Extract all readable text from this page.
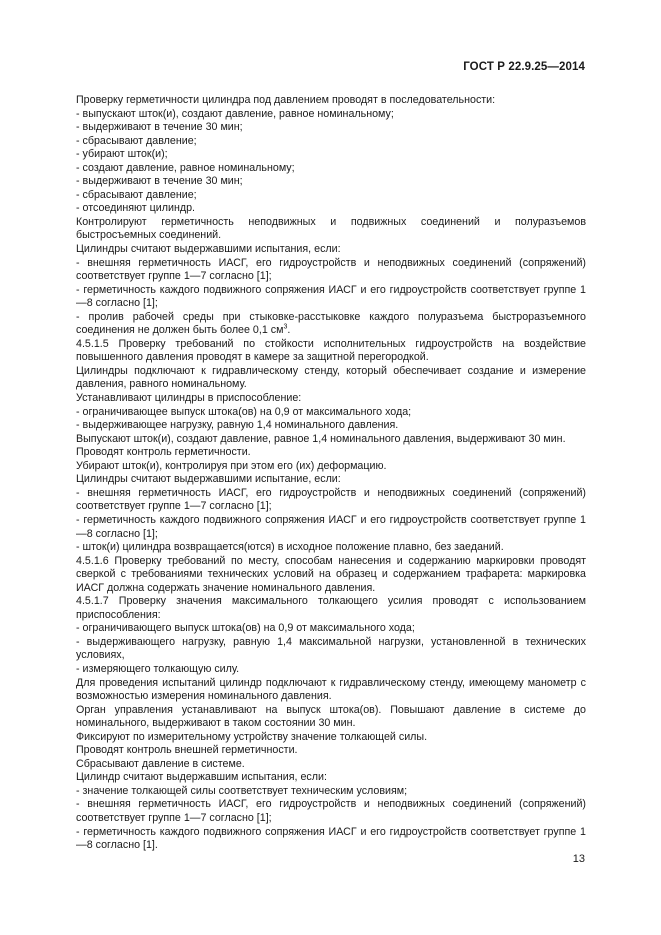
ГОСТ Р 22.9.25—2014

Проверку герметичности цилиндра под давлением проводят в последовательности:

- выпускают шток(и), создают давление, равное номинальному;

- выдерживают в течение 30 мин;

- сбрасывают давление;

- убирают шток(и);

- создают давление, равное номинальному;

- выдерживают в течение 30 мин;

- сбрасывают давление;

- отсоединяют цилиндр.

Контролируют герметичность неподвижных и подвижных соединений и полуразъемов быстросъемных соединений.

Цилиндры считают выдержавшими испытания, если:

- внешняя герметичность ИАСГ, его гидроустройств и неподвижных соединений (сопряжений) соответствует группе 1—7 согласно [1];

- герметичность каждого подвижного сопряжения ИАСГ и его гидроустройств соответствует группе 1—8 согласно [1];

- пролив рабочей среды при стыковке-расстыковке каждого полуразъема быстроразъемного соединения не должен быть более 0,1 $см^3$.

4.5.1.5 Проверку требований по стойкости исполнительных гидроустройств на воздействие повышенного давления проводят в камере за защитной перегородкой.

Цилиндры подключают к гидравлическому стенду, который обеспечивает создание и измерение давления, равного номинальному.

Устанавливают цилиндры в приспособление:

- ограничивающее выпуск штока(ов) на 0,9 от максимального хода;

- выдерживающее нагрузку, равную 1,4 номинального давления.

Выпускают шток(и), создают давление, равное 1,4 номинального давления, выдерживают 30 мин.

Проводят контроль герметичности.

Убирают шток(и), контролируя при этом его (их) деформацию.

Цилиндры считают выдержавшими испытание, если:

- внешняя герметичность ИАСГ, его гидроустройств и неподвижных соединений (сопряжений) соответствует группе 1—7 согласно [1];

- герметичность каждого подвижного сопряжения ИАСГ и его гидроустройств соответствует группе 1—8 согласно [1];

- шток(и) цилиндра возвращается(ются) в исходное положение плавно, без заеданий.

4.5.1.6 Проверку требований по месту, способам нанесения и содержанию маркировки проводят сверкой с требованиями технических условий на образец и содержанием трафарета: маркировка ИАСГ должна содержать значение номинального давления.

4.5.1.7 Проверку значения максимального толкающего усилия проводят с использованием приспособления:

- ограничивающего выпуск штока(ов) на 0,9 от максимального хода;

- выдерживающего нагрузку, равную 1,4 максимальной нагрузки, установленной в технических условиях,

- измеряющего толкающую силу.

Для проведения испытаний цилиндр подключают к гидравлическому стенду, имеющему манометр с возможностью измерения номинального давления.

Орган управления устанавливают на выпуск штока(ов). Повышают давление в системе до номинального, выдерживают в таком состоянии 30 мин.

Фиксируют по измерительному устройству значение толкающей силы.

Проводят контроль внешней герметичности.

Сбрасывают давление в системе.

Цилиндр считают выдержавшим испытания, если:

- значение толкающей силы соответствует техническим условиям;

- внешняя герметичность ИАСГ, его гидроустройств и неподвижных соединений (сопряжений) соответствует группе 1—7 согласно [1];

- герметичность каждого подвижного сопряжения ИАСГ и его гидроустройств соответствует группе 1—8 согласно [1].

13
